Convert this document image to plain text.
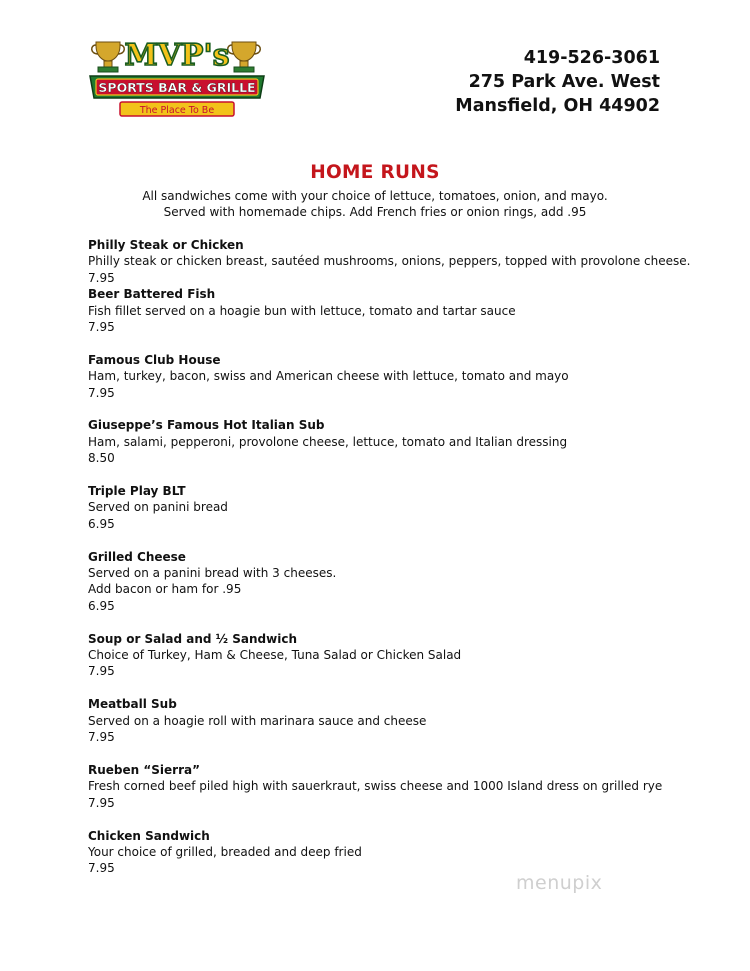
MVP's
SPORTS BAR & GRILLE
The Place To Be
419-526-3061
275 Park Ave. West
Mansfield, OH 44902
HOME RUNS
All sandwiches come with your choice of lettuce, tomatoes, onion, and mayo.
Served with homemade chips. Add French fries or onion rings, add .95
Philly Steak or Chicken
Philly steak or chicken breast, sautéed mushrooms, onions, peppers, topped with provolone cheese.
7.95
Beer Battered Fish
Fish fillet served on a hoagie bun with lettuce, tomato and tartar sauce
7.95
Famous Club House
Ham, turkey, bacon, swiss and American cheese with lettuce, tomato and mayo
7.95
Giuseppe’s Famous Hot Italian Sub
Ham, salami, pepperoni, provolone cheese, lettuce, tomato and Italian dressing
8.50
Triple Play BLT
Served on panini bread
6.95
Grilled Cheese
Served on a panini bread with 3 cheeses.
Add bacon or ham for .95
6.95
Soup or Salad and ½ Sandwich
Choice of Turkey, Ham & Cheese, Tuna Salad or Chicken Salad
7.95
Meatball Sub
Served on a hoagie roll with marinara sauce and cheese
7.95
Rueben “Sierra”
Fresh corned beef piled high with sauerkraut, swiss cheese and 1000 Island dress on grilled rye
7.95
Chicken Sandwich
Your choice of grilled, breaded and deep fried
7.95
menupix
